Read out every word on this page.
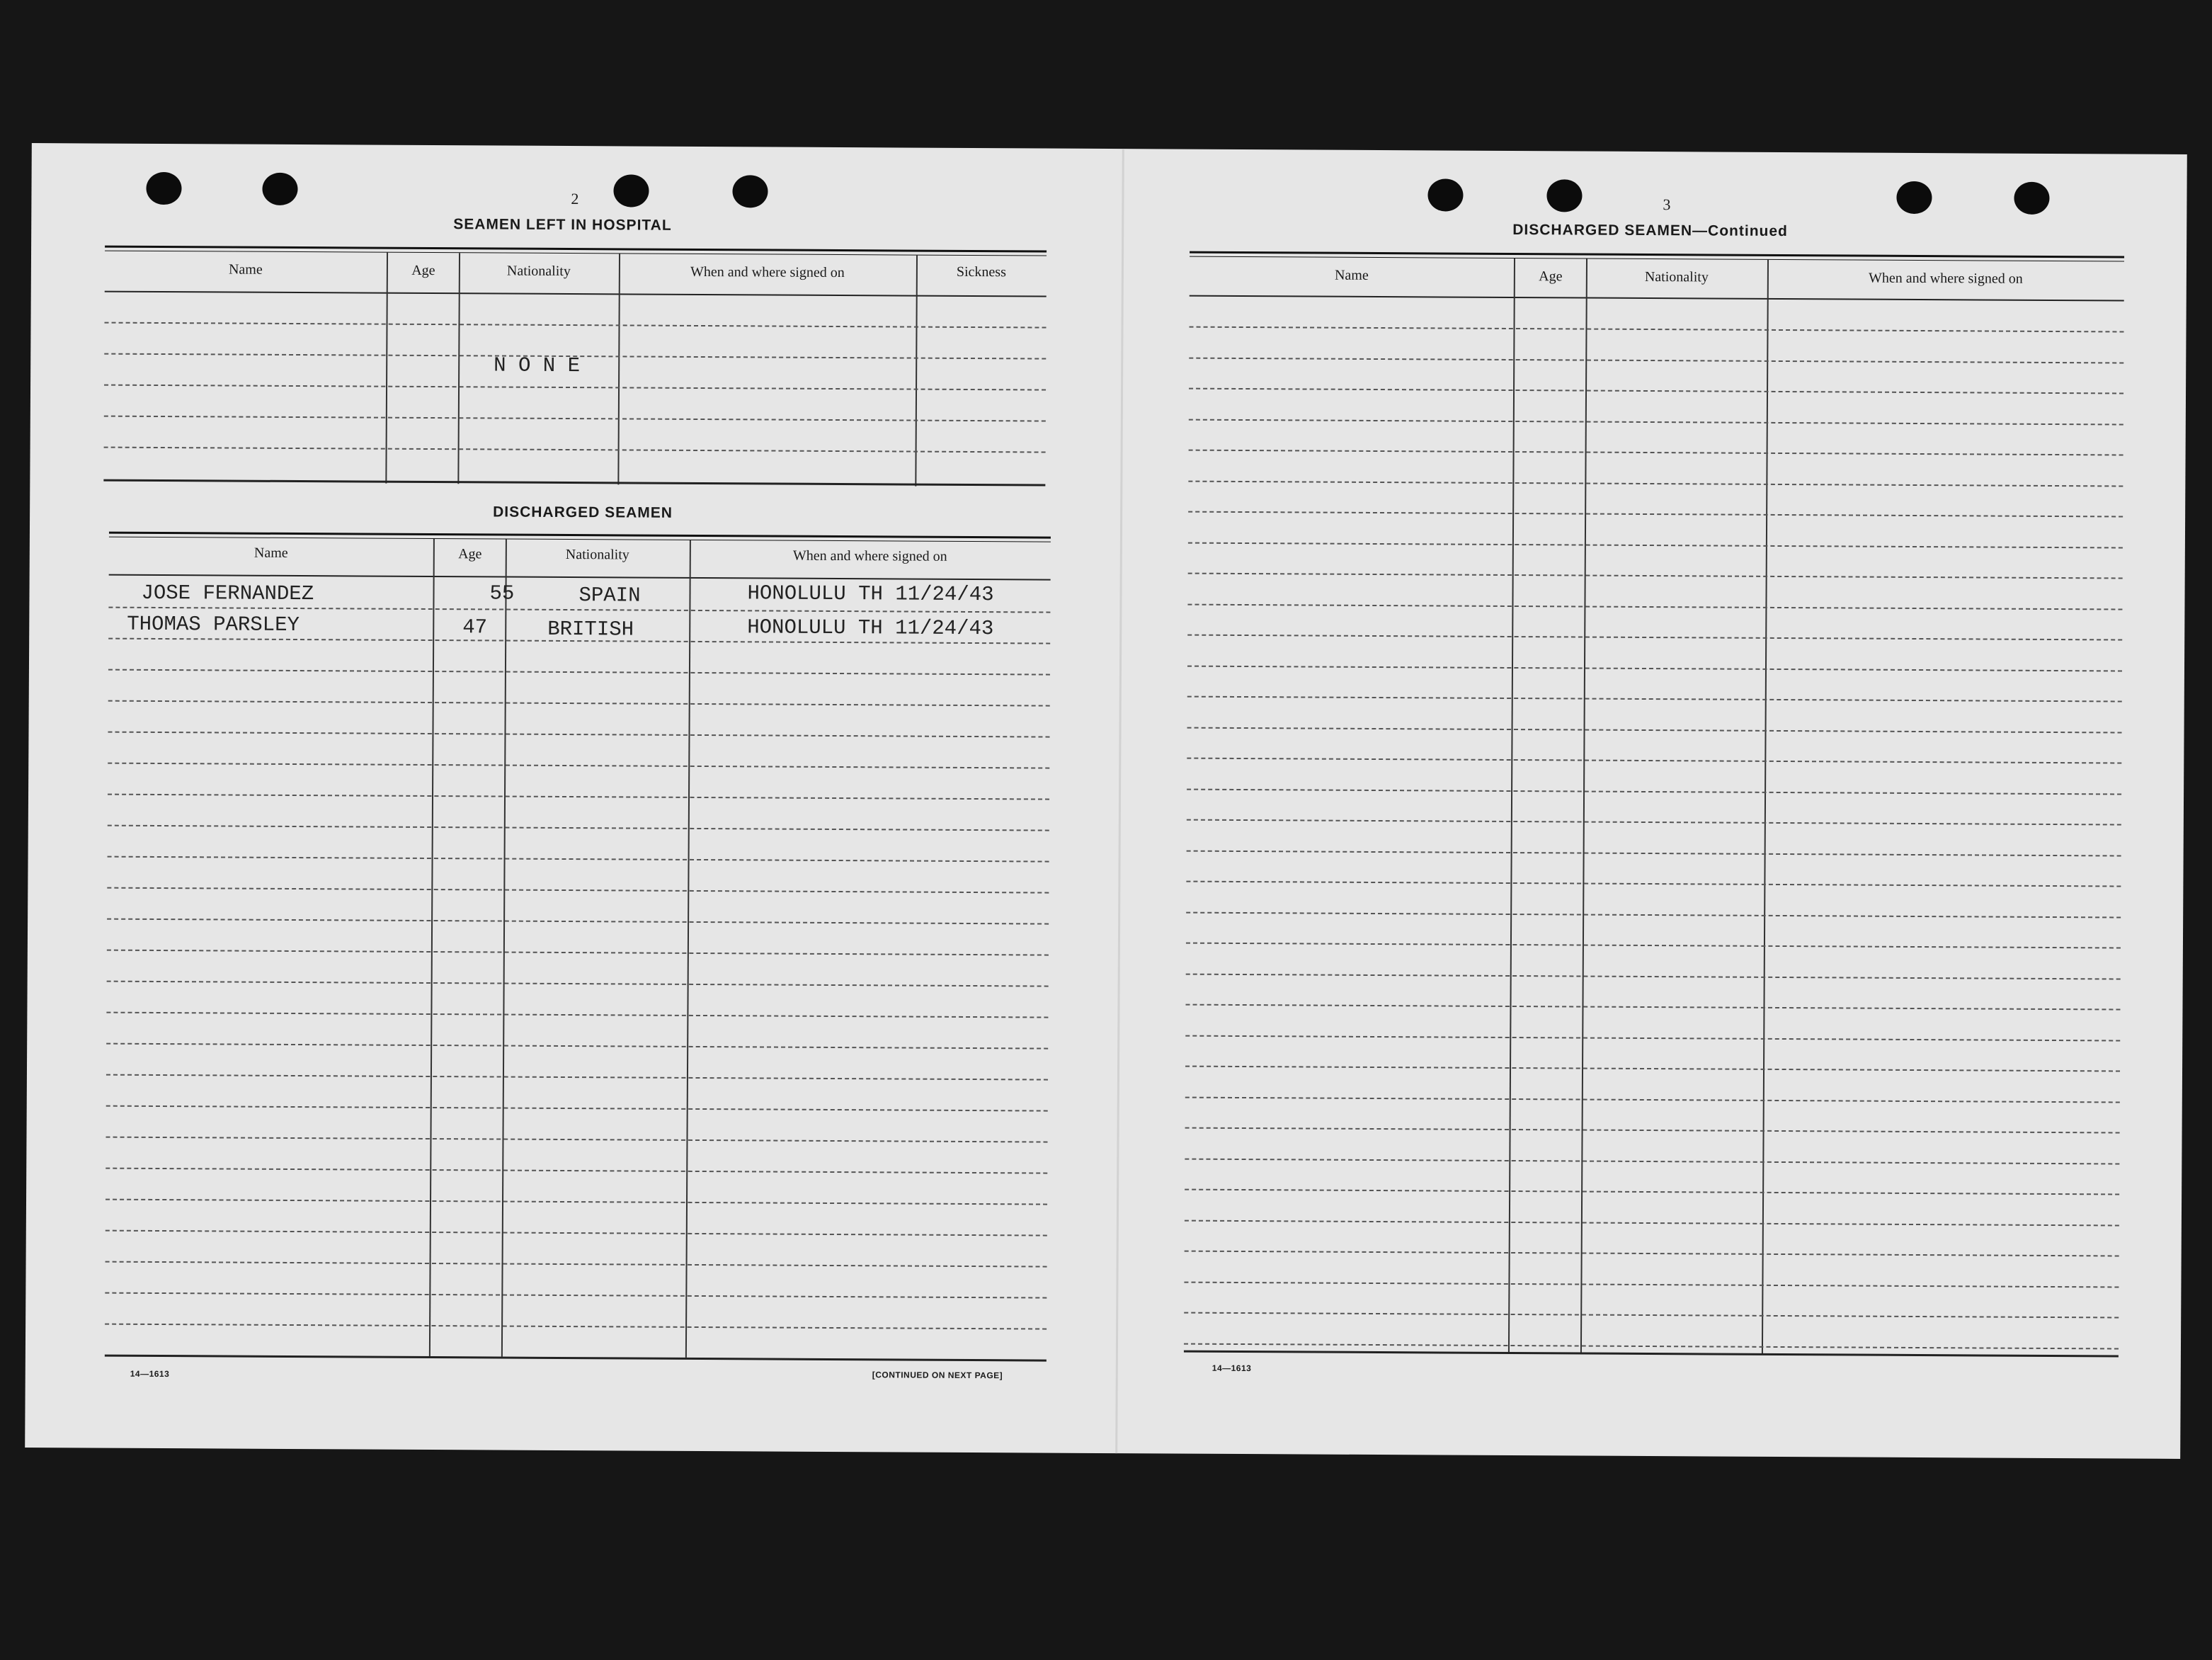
2
SEAMEN LEFT IN HOSPITAL
Name	Age	Nationality	When and where signed on	Sickness
N O N E
DISCHARGED SEAMEN
Name	Age	Nationality	When and where signed on
JOSE FERNANDEZ	55	SPAIN	HONOLULU TH 11/24/43
THOMAS PARSLEY	47	BRITISH	HONOLULU TH 11/24/43
14—1613	[CONTINUED ON NEXT PAGE]
3
DISCHARGED SEAMEN—Continued
Name	Age	Nationality	When and where signed on
14—1613
